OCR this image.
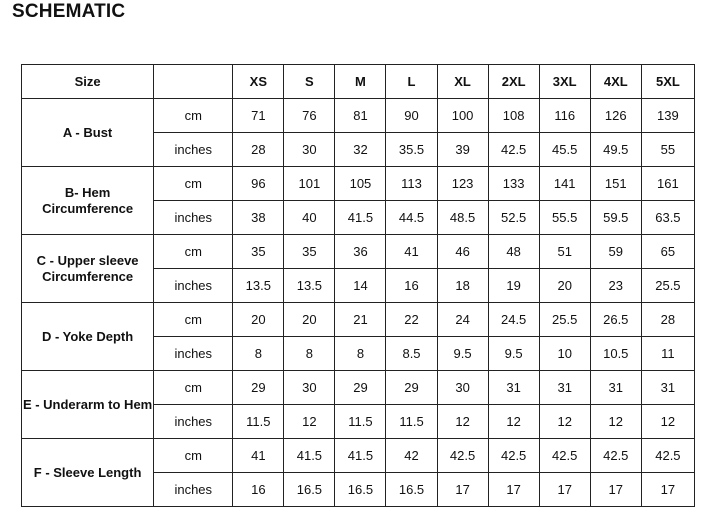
SCHEMATIC
Size		XS	S	M	L	XL	2XL	3XL	4XL	5XL
A - Bust	cm	71	76	81	90	100	108	116	126	139
	inches	28	30	32	35.5	39	42.5	45.5	49.5	55
B- Hem Circumference	cm	96	101	105	113	123	133	141	151	161
	inches	38	40	41.5	44.5	48.5	52.5	55.5	59.5	63.5
C - Upper sleeve Circumference	cm	35	35	36	41	46	48	51	59	65
	inches	13.5	13.5	14	16	18	19	20	23	25.5
D - Yoke Depth	cm	20	20	21	22	24	24.5	25.5	26.5	28
	inches	8	8	8	8.5	9.5	9.5	10	10.5	11
E - Underarm to Hem	cm	29	30	29	29	30	31	31	31	31
	inches	11.5	12	11.5	11.5	12	12	12	12	12
F - Sleeve Length	cm	41	41.5	41.5	42	42.5	42.5	42.5	42.5	42.5
	inches	16	16.5	16.5	16.5	17	17	17	17	17
